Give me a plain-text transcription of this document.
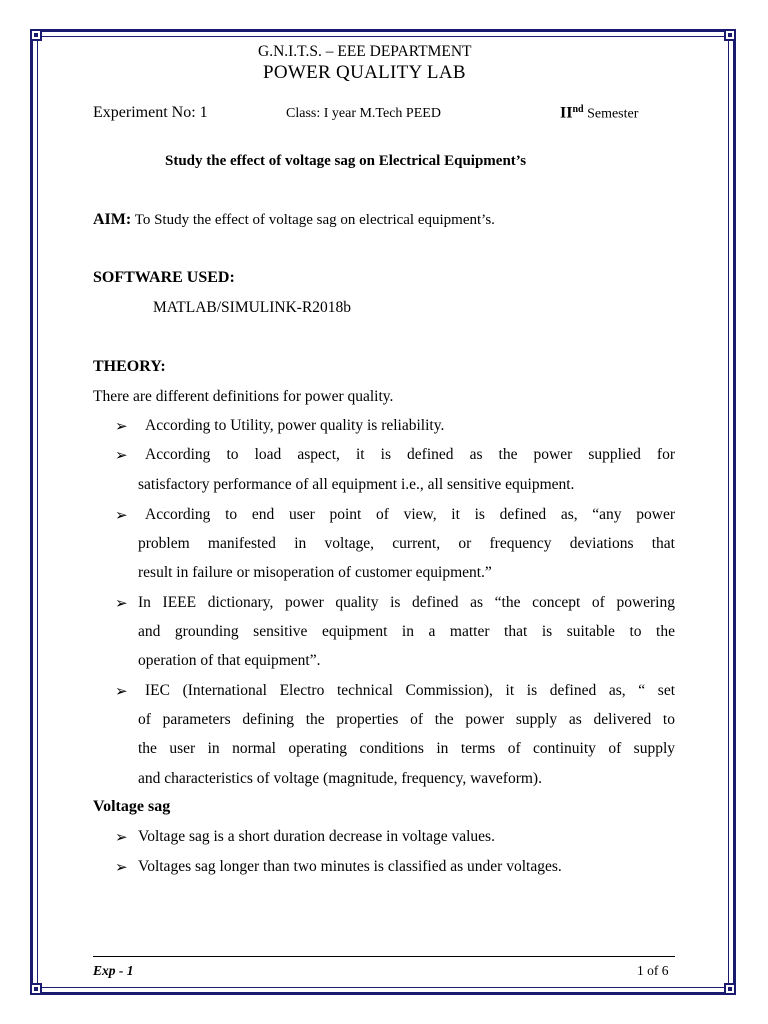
G.N.I.T.S. – EEE DEPARTMENT
POWER QUALITY LAB
Experiment No: 1	Class: I year M.Tech PEED	IInd Semester
Study the effect of voltage sag on Electrical Equipment’s
AIM: To Study the effect of voltage sag on electrical equipment’s.
SOFTWARE USED:
MATLAB/SIMULINK-R2018b
THEORY:
There are different definitions for power quality.
➢ According to Utility, power quality is reliability.
➢ According to load aspect, it is defined as the power supplied for
satisfactory performance of all equipment i.e., all sensitive equipment.
➢ According to end user point of view, it is defined as, “any power
problem manifested in voltage, current, or frequency deviations that
result in failure or misoperation of customer equipment.”
➢ In IEEE dictionary, power quality is defined as “the concept of powering
and grounding sensitive equipment in a matter that is suitable to the
operation of that equipment”.
➢ IEC (International Electro technical Commission), it is defined as, “ set
of parameters defining the properties of the power supply as delivered to
the user in normal operating conditions in terms of continuity of supply
and characteristics of voltage (magnitude, frequency, waveform).
Voltage sag
➢ Voltage sag is a short duration decrease in voltage values.
➢ Voltages sag longer than two minutes is classified as under voltages.
Exp - 1	1 of 6
